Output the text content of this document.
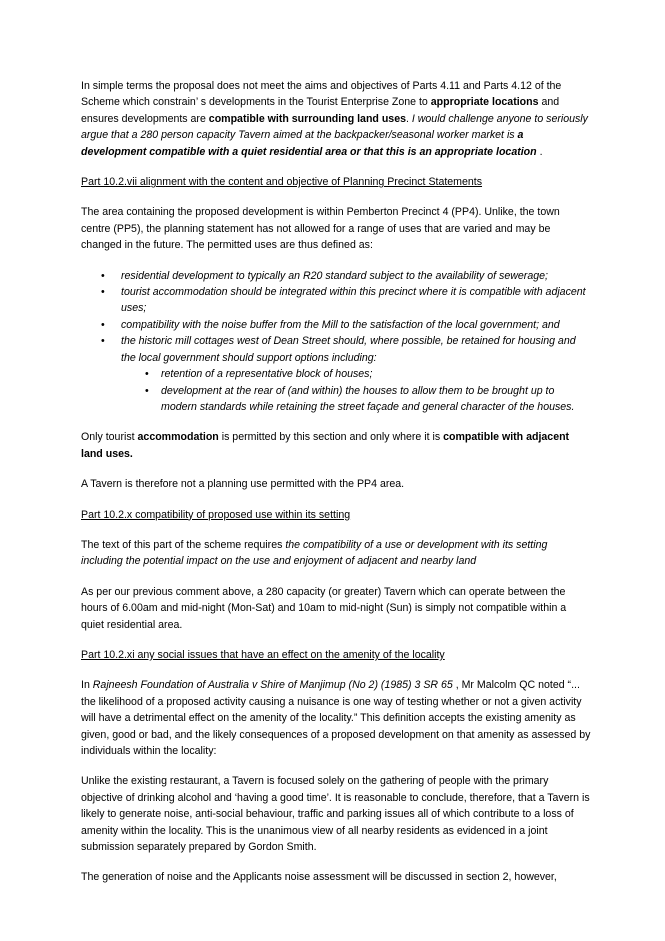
In simple terms the proposal does not meet the aims and objectives of Parts 4.11 and Parts 4.12 of the Scheme which constrain’ s developments in the Tourist Enterprise Zone to appropriate locations and ensures developments are compatible with surrounding land uses. I would challenge anyone to seriously argue that a 280 person capacity Tavern aimed at the backpacker/seasonal worker market is a development compatible with a quiet residential area or that this is an appropriate location .

Part 10.2.vii alignment with the content and objective of Planning Precinct Statements

The area containing the proposed development is within Pemberton Precinct 4 (PP4). Unlike, the town centre (PP5), the planning statement has not allowed for a range of uses that are varied and may be changed in the future. The permitted uses are thus defined as:

• residential development to typically an R20 standard subject to the availability of sewerage;
• tourist accommodation should be integrated within this precinct where it is compatible with adjacent uses;
• compatibility with the noise buffer from the Mill to the satisfaction of the local government; and
• the historic mill cottages west of Dean Street should, where possible, be retained for housing and the local government should support options including:
• retention of a representative block of houses;
• development at the rear of (and within) the houses to allow them to be brought up to modern standards while retaining the street façade and general character of the houses.

Only tourist accommodation is permitted by this section and only where it is compatible with adjacent land uses.

A Tavern is therefore not a planning use permitted with the PP4 area.

Part 10.2.x compatibility of proposed use within its setting

The text of this part of the scheme requires the compatibility of a use or development with its setting including the potential impact on the use and enjoyment of adjacent and nearby land

As per our previous comment above, a 280 capacity (or greater) Tavern which can operate between the hours of 6.00am and mid-night (Mon-Sat) and 10am to mid-night (Sun) is simply not compatible within a quiet residential area.

Part 10.2.xi any social issues that have an effect on the amenity of the locality

In Rajneesh Foundation of Australia v Shire of Manjimup (No 2) (1985) 3 SR 65 , Mr Malcolm QC noted “... the likelihood of a proposed activity causing a nuisance is one way of testing whether or not a given activity will have a detrimental effect on the amenity of the locality.” This definition accepts the existing amenity as given, good or bad, and the likely consequences of a proposed development on that amenity as assessed by individuals within the locality:

Unlike the existing restaurant, a Tavern is focused solely on the gathering of people with the primary objective of drinking alcohol and ‘having a good time’. It is reasonable to conclude, therefore, that a Tavern is likely to generate noise, anti-social behaviour, traffic and parking issues all of which contribute to a loss of amenity within the locality. This is the unanimous view of all nearby residents as evidenced in a joint submission separately prepared by Gordon Smith.

The generation of noise and the Applicants noise assessment will be discussed in section 2, however,
